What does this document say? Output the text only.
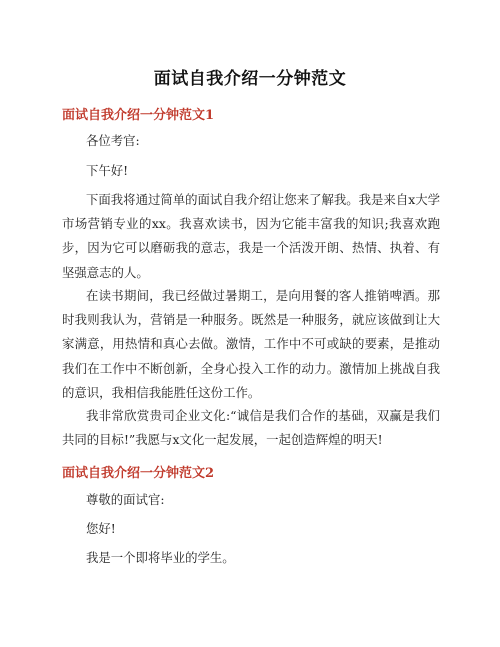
面试自我介绍一分钟范文
面试自我介绍一分钟范文1
各位考官:
下午好!
下面我将通过简单的面试自我介绍让您来了解我。我是来自x大学市场营销专业的xx。我喜欢读书，因为它能丰富我的知识;我喜欢跑步，因为它可以磨砺我的意志，我是一个活泼开朗、热情、执着、有坚强意志的人。
在读书期间，我已经做过暑期工，是向用餐的客人推销啤酒。那时我则我认为，营销是一种服务。既然是一种服务，就应该做到让大家满意，用热情和真心去做。激情，工作中不可或缺的要素，是推动我们在工作中不断创新，全身心投入工作的动力。激情加上挑战自我的意识，我相信我能胜任这份工作。
我非常欣赏贵司企业文化:“诚信是我们合作的基础，双赢是我们共同的目标!”我愿与x文化一起发展，一起创造辉煌的明天!
面试自我介绍一分钟范文2
尊敬的面试官:
您好!
我是一个即将毕业的学生。
